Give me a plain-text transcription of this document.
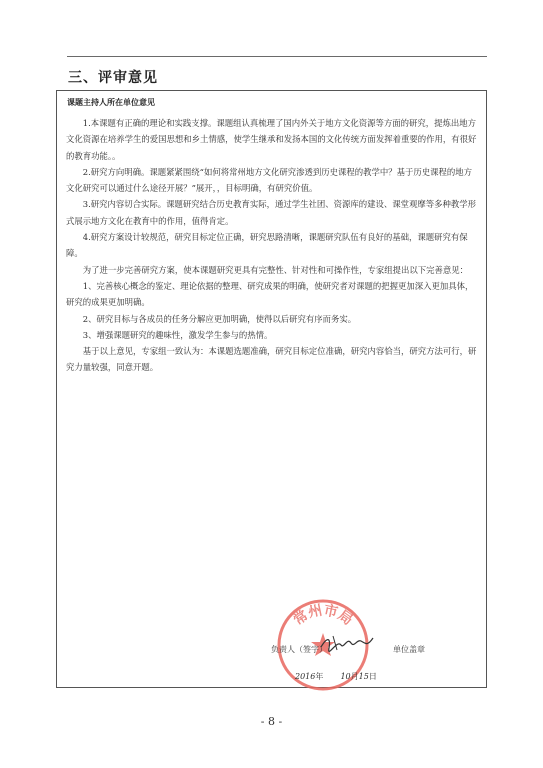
三、评审意见
课题主持人所在单位意见

1.本课题有正确的理论和实践支撑。课题组认真梳理了国内外关于地方文化资源等方面的研究，提炼出地方文化资源在培养学生的爱国思想和乡土情感，使学生继承和发扬本国的文化传统方面发挥着重要的作用，有很好的教育功能。。

2.研究方向明确。课题紧紧围绕“如何将常州地方文化研究渗透到历史课程的教学中？基于历史课程的地方文化研究可以通过什么途径开展？”展开，，目标明确，有研究价值。

3.研究内容切合实际。课题研究结合历史教育实际，通过学生社团、资源库的建设、课堂观摩等多种教学形式展示地方文化在教育中的作用，值得肯定。

4.研究方案设计较规范，研究目标定位正确，研究思路清晰，课题研究队伍有良好的基础，课题研究有保障。

为了进一步完善研究方案，使本课题研究更具有完整性、针对性和可操作性，专家组提出以下完善意见：

1、完善核心概念的鉴定、理论依据的整理、研究成果的明确，使研究者对课题的把握更加深入更加具体，研究的成果更加明确。

2、研究目标与各成员的任务分解应更加明确，使得以后研究有序而务实。

3、增强课题研究的趣味性，激发学生参与的热情。

基于以上意见，专家组一致认为：本课题选题准确，研究目标定位准确，研究内容恰当，研究方法可行，研究力量较强，同意开题。

常州市局
负责人（签字）	单位盖章
2016年 10月15日
- 8 -
